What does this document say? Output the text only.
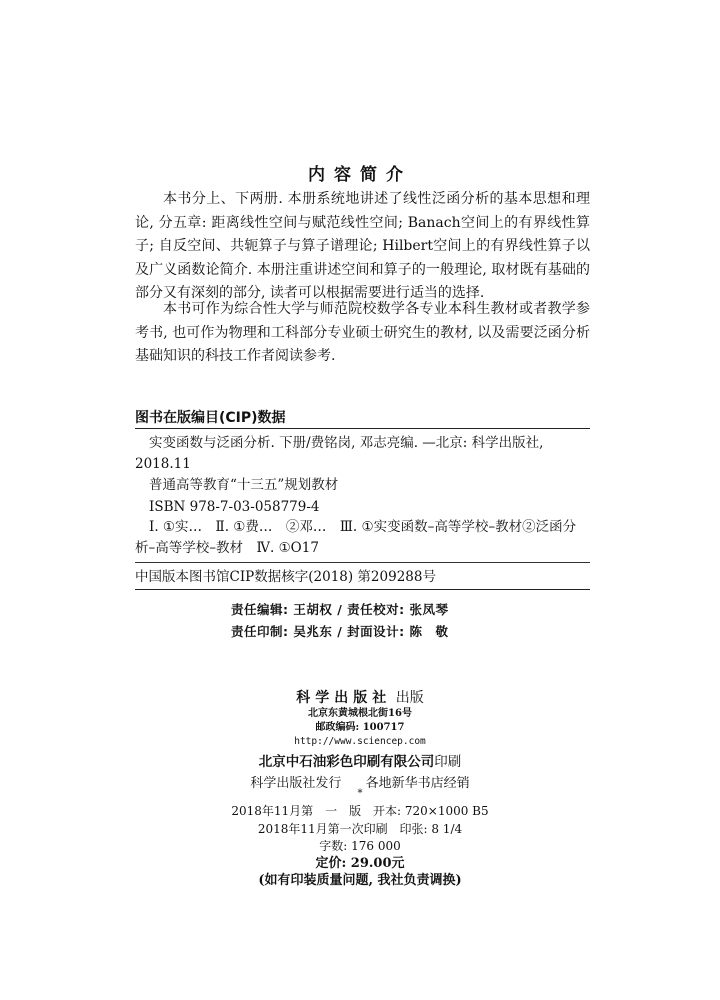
内容简介

本书分上、下两册. 本册系统地讲述了线性泛函分析的基本思想和理论, 分五章: 距离线性空间与赋范线性空间; Banach空间上的有界线性算子; 自反空间、共轭算子与算子谱理论; Hilbert空间上的有界线性算子以及广义函数论简介. 本册注重讲述空间和算子的一般理论, 取材既有基础的部分又有深刻的部分, 读者可以根据需要进行适当的选择.

本书可作为综合性大学与师范院校数学各专业本科生教材或者教学参考书, 也可作为物理和工科部分专业硕士研究生的教材, 以及需要泛函分析基础知识的科技工作者阅读参考.

图书在版编目(CIP)数据
实变函数与泛函分析. 下册/费铭岗, 邓志亮编. —北京: 科学出版社, 2018.11
普通高等教育“十三五”规划教材
ISBN 978-7-03-058779-4
Ⅰ. ①实…　Ⅱ. ①费…　②邓…　Ⅲ. ①实变函数–高等学校–教材②泛函分析–高等学校–教材　Ⅳ. ①O17
中国版本图书馆CIP数据核字(2018) 第209288号
责任编辑: 王胡权 / 责任校对: 张凤琴
责任印制: 吴兆东 / 封面设计: 陈　敬
科学出版社 出版
北京东黄城根北街16号
邮政编码: 100717
http://www.sciencep.com
北京中石油彩色印刷有限公司印刷
科学出版社发行 各地新华书店经销
*
2018年11月第　一　版 开本: 720×1000 B5
2018年11月第一次印刷 印张: 8 1/4
字数: 176 000
定价: 29.00元
(如有印装质量问题, 我社负责调换)
